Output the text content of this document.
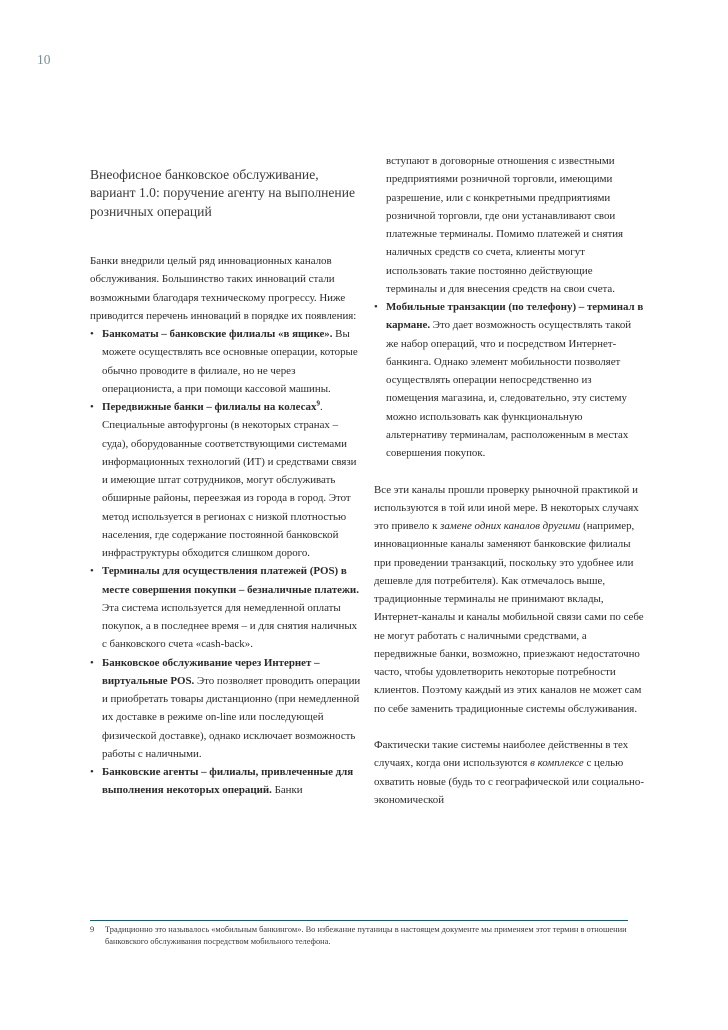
10
Внеофисное банковское обслуживание, вариант 1.0: поручение агенту на выполнение розничных операций

Банки внедрили целый ряд инновационных каналов обслуживания. Большинство таких инноваций стали возможными благодаря техническому прогрессу. Ниже приводится перечень инноваций в порядке их появления:

• Банкоматы – банковские филиалы «в ящике». Вы можете осуществлять все основные операции, которые обычно проводите в филиале, но не через операциониста, а при помощи кассовой машины.
• Передвижные банки – филиалы на колесах$^9$. Специальные автофургоны (в некоторых странах – суда), оборудованные соответствующими системами информационных технологий (ИТ) и средствами связи и имеющие штат сотрудников, могут обслуживать обширные районы, переезжая из города в город. Этот метод используется в регионах с низкой плотностью населения, где содержание постоянной банковской инфраструктуры обходится слишком дорого.
• Терминалы для осуществления платежей (POS) в месте совершения покупки – безналичные платежи. Эта система используется для немедленной оплаты покупок, а в последнее время – и для снятия наличных с банковского счета «cash-back».
• Банковское обслуживание через Интернет – виртуальные POS. Это позволяет проводить операции и приобретать товары дистанционно (при немедленной их доставке в режиме on-line или последующей физической доставке), однако исключает возможность работы с наличными.
• Банковские агенты – филиалы, привлеченные для выполнения некоторых операций. Банки

вступают в договорные отношения с известными предприятиями розничной торговли, имеющими разрешение, или с конкретными предприятиями розничной торговли, где они устанавливают свои платежные терминалы. Помимо платежей и снятия наличных средств со счета, клиенты могут использовать такие постоянно действующие терминалы и для внесения средств на свои счета.

• Мобильные транзакции (по телефону) – терминал в кармане. Это дает возможность осуществлять такой же набор операций, что и посредством Интернет-банкинга. Однако элемент мобильности позволяет осуществлять операции непосредственно из помещения магазина, и, следовательно, эту систему можно использовать как функциональную альтернативу терминалам, расположенным в местах совершения покупок.

Все эти каналы прошли проверку рыночной практикой и используются в той или иной мере. В некоторых случаях это привело к замене одних каналов другими (например, инновационные каналы заменяют банковские филиалы при проведении транзакций, поскольку это удобнее или дешевле для потребителя). Как отмечалось выше, традиционные терминалы не принимают вклады, Интернет-каналы и каналы мобильной связи сами по себе не могут работать с наличными средствами, а передвижные банки, возможно, приезжают недостаточно часто, чтобы удовлетворить некоторые потребности клиентов. Поэтому каждый из этих каналов не может сам по себе заменить традиционные системы обслуживания.

Фактически такие системы наиболее действенны в тех случаях, когда они используются в комплексе с целью охватить новые (будь то с географической или социально-экономической

9	Традиционно это называлось «мобильным банкингом». Во избежание путаницы в настоящем документе мы применяем этот термин в отношении банковского обслуживания посредством мобильного телефона.
